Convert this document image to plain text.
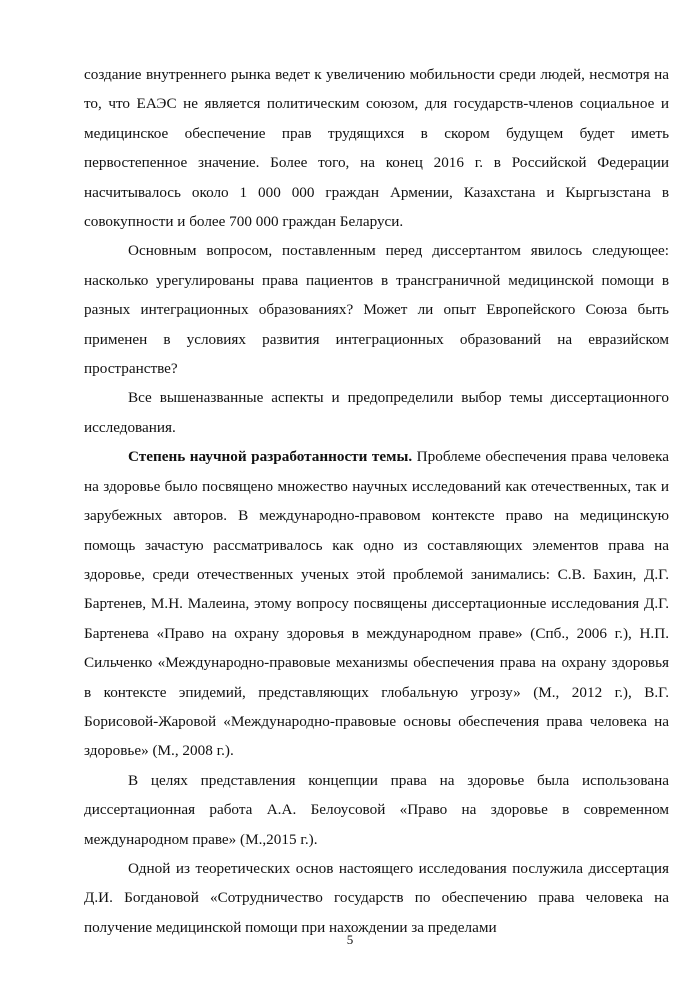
создание внутреннего рынка ведет к увеличению мобильности среди людей, несмотря на то, что ЕАЭС не является политическим союзом, для государств-членов социальное и медицинское обеспечение прав трудящихся в скором будущем будет иметь первостепенное значение. Более того, на конец 2016 г. в Российской Федерации насчитывалось около 1 000 000 граждан Армении, Казахстана и Кыргызстана в совокупности и более 700 000 граждан Беларуси.

Основным вопросом, поставленным перед диссертантом явилось следующее: насколько урегулированы права пациентов в трансграничной медицинской помощи в разных интеграционных образованиях? Может ли опыт Европейского Союза быть применен в условиях развития интеграционных образований на евразийском пространстве?

Все вышеназванные аспекты и предопределили выбор темы диссертационного исследования.

Степень научной разработанности темы. Проблеме обеспечения права человека на здоровье было посвящено множество научных исследований как отечественных, так и зарубежных авторов. В международно-правовом контексте право на медицинскую помощь зачастую рассматривалось как одно из составляющих элементов права на здоровье, среди отечественных ученых этой проблемой занимались: С.В. Бахин, Д.Г. Бартенев, М.Н. Малеина, этому вопросу посвящены диссертационные исследования Д.Г. Бартенева «Право на охрану здоровья в международном праве» (Спб., 2006 г.), Н.П. Сильченко «Международно-правовые механизмы обеспечения права на охрану здоровья в контексте эпидемий, представляющих глобальную угрозу» (М., 2012 г.), В.Г. Борисовой-Жаровой «Международно-правовые основы обеспечения права человека на здоровье» (М., 2008 г.).

В целях представления концепции права на здоровье была использована диссертационная работа А.А. Белоусовой «Право на здоровье в современном международном праве» (М.,2015 г.).

Одной из теоретических основ настоящего исследования послужила диссертация Д.И. Богдановой «Сотрудничество государств по обеспечению права человека на получение медицинской помощи при нахождении за пределами

5
